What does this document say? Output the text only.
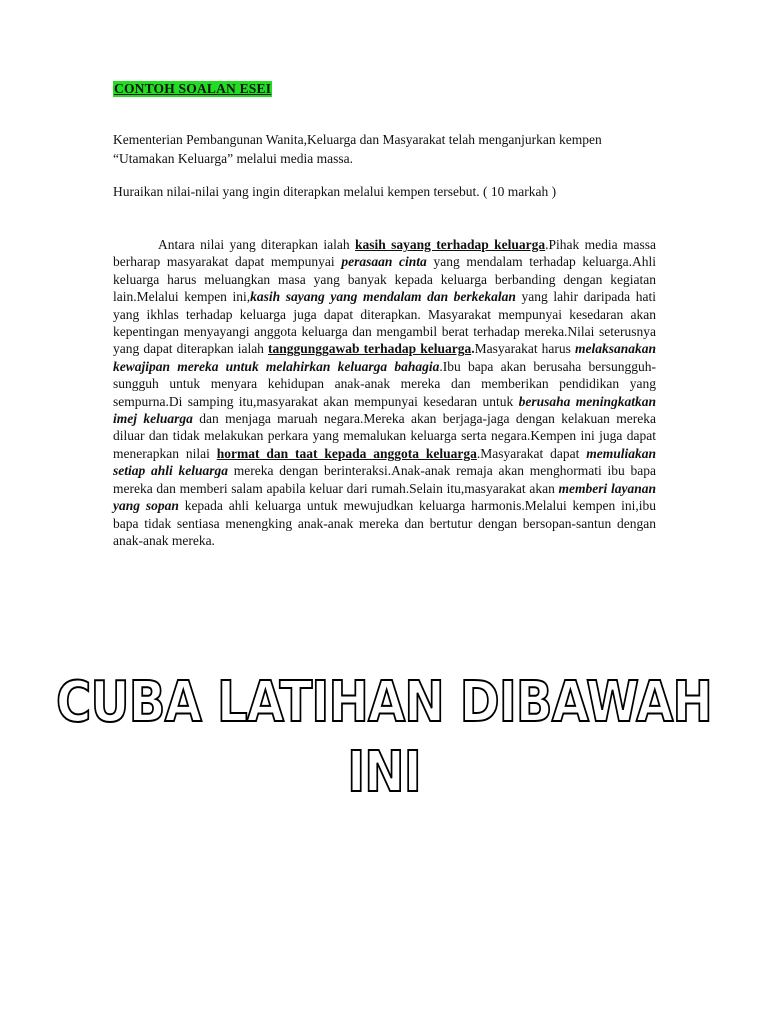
CONTOH SOALAN ESEI

Kementerian Pembangunan Wanita,Keluarga dan Masyarakat telah menganjurkan kempen “Utamakan Keluarga” melalui media massa.

Huraikan nilai-nilai yang ingin diterapkan melalui kempen tersebut. ( 10 markah )

Antara nilai yang diterapkan ialah kasih sayang terhadap keluarga.Pihak media massa berharap masyarakat dapat mempunyai perasaan cinta yang mendalam terhadap keluarga.Ahli keluarga harus meluangkan masa yang banyak kepada keluarga berbanding dengan kegiatan lain.Melalui kempen ini,kasih sayang yang mendalam dan berkekalan yang lahir daripada hati yang ikhlas terhadap keluarga juga dapat diterapkan. Masyarakat mempunyai kesedaran akan kepentingan menyayangi anggota keluarga dan mengambil berat terhadap mereka.Nilai seterusnya yang dapat diterapkan ialah tanggunggawab terhadap keluarga.Masyarakat harus melaksanakan kewajipan mereka untuk melahirkan keluarga bahagia.Ibu bapa akan berusaha bersungguh-sungguh untuk menyara kehidupan anak-anak mereka dan memberikan pendidikan yang sempurna.Di samping itu,masyarakat akan mempunyai kesedaran untuk berusaha meningkatkan imej keluarga dan menjaga maruah negara.Mereka akan berjaga-jaga dengan kelakuan mereka diluar dan tidak melakukan perkara yang memalukan keluarga serta negara.Kempen ini juga dapat menerapkan nilai hormat dan taat kepada anggota keluarga.Masyarakat dapat memuliakan setiap ahli keluarga mereka dengan berinteraksi.Anak-anak remaja akan menghormati ibu bapa mereka dan memberi salam apabila keluar dari rumah.Selain itu,masyarakat akan memberi layanan yang sopan kepada ahli keluarga untuk mewujudkan keluarga harmonis.Melalui kempen ini,ibu bapa tidak sentiasa menengking anak-anak mereka dan bertutur dengan bersopan-santun dengan anak-anak mereka.

CUBA LATIHAN DIBAWAH INI
